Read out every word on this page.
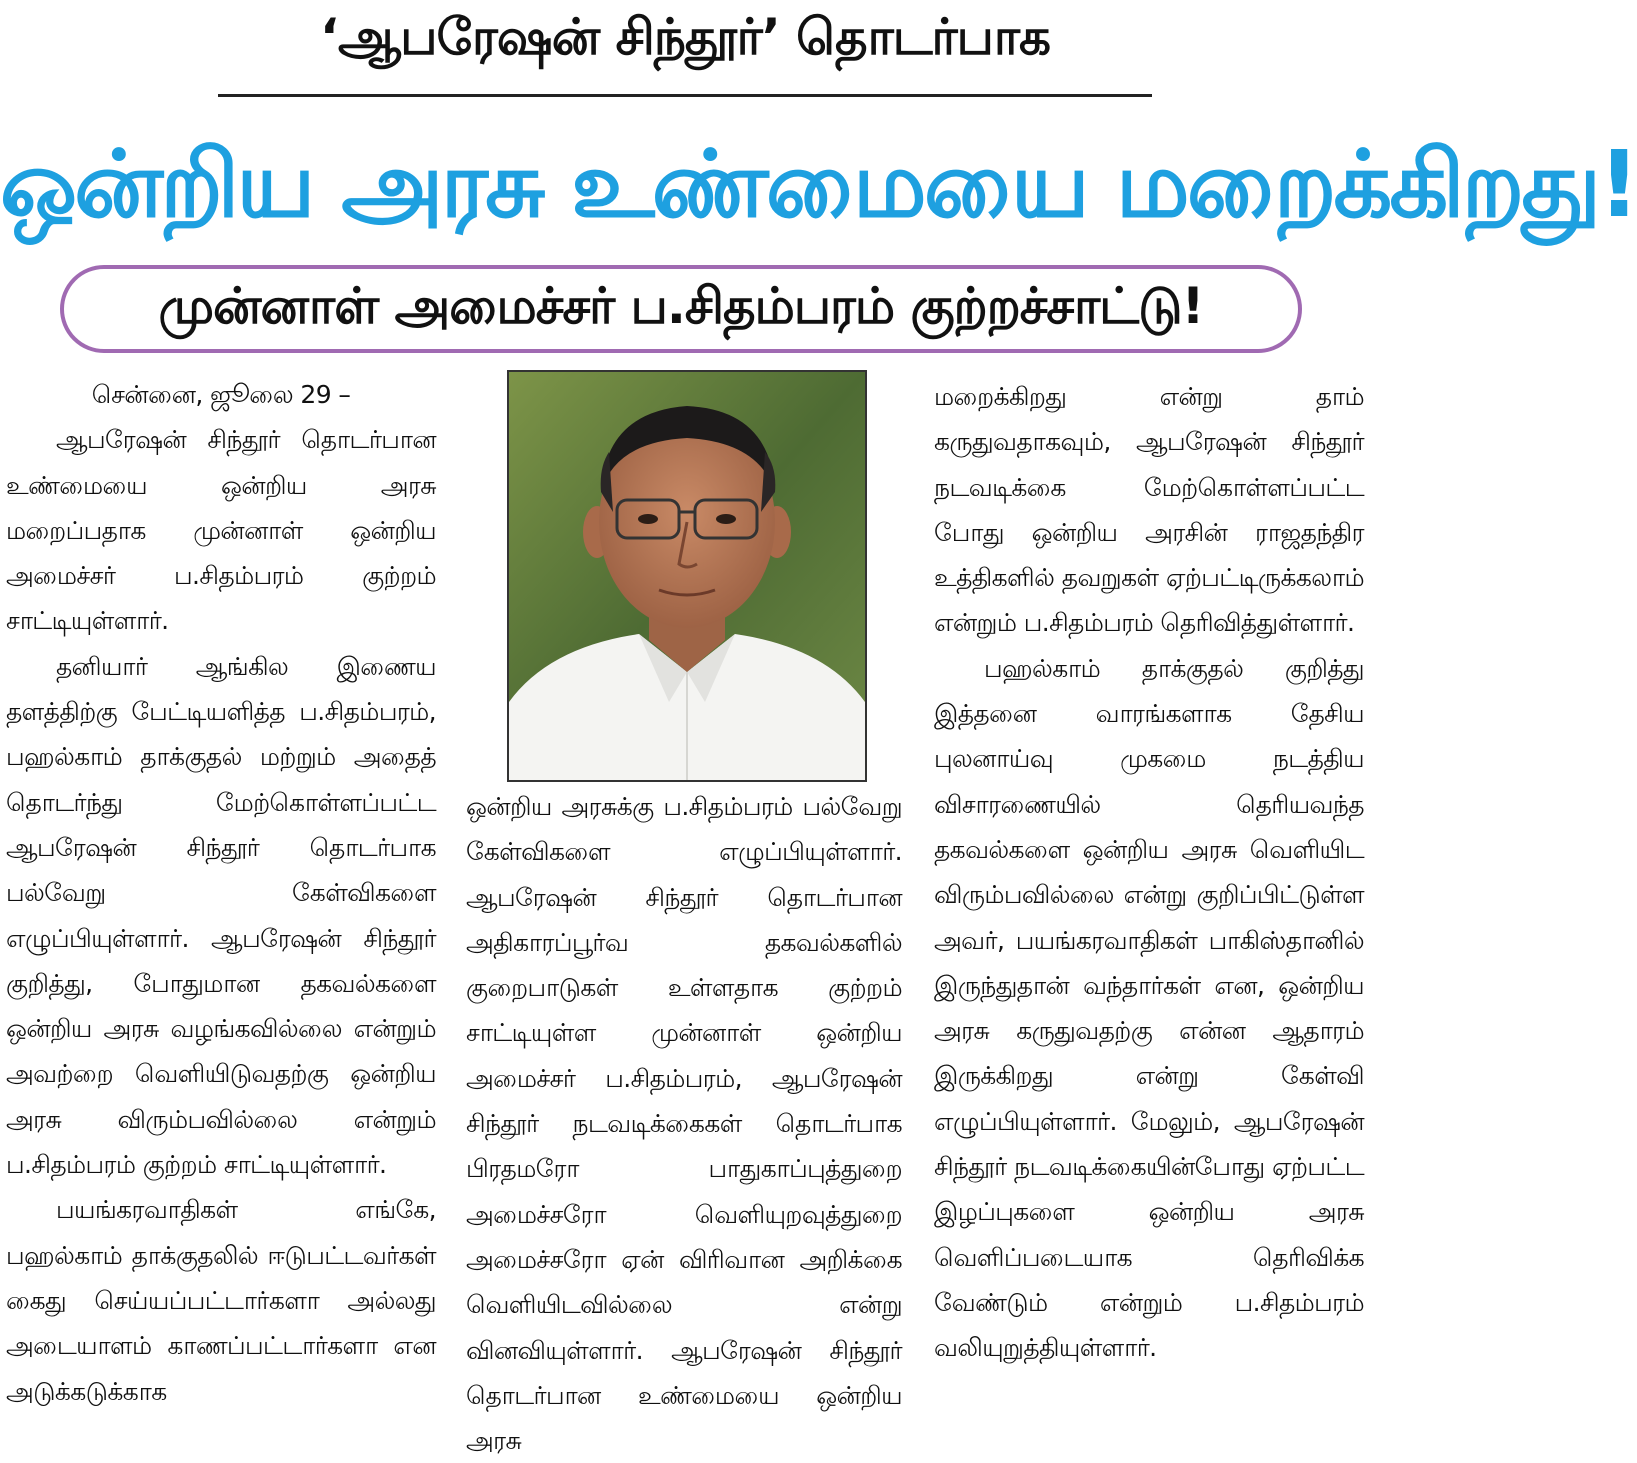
‘ஆபரேஷன் சிந்தூர்’ தொடர்பாக
ஒன்றிய அரசு உண்மையை மறைக்கிறது!
முன்னாள் அமைச்சர் ப.சிதம்பரம் குற்றச்சாட்டு!

சென்னை, ஜூலை 29 –

ஆபரேஷன் சிந்தூர் தொடர்பான உண்மையை ஒன்றிய அரசு மறைப்பதாக முன்னாள் ஒன்றிய அமைச்சர் ப.சிதம்பரம் குற்றம் சாட்டியுள்ளார்.

தனியார் ஆங்கில இணைய தளத்திற்கு பேட்டியளித்த ப.சிதம்பரம், பஹல்காம் தாக்குதல் மற்றும் அதைத் தொடர்ந்து மேற்கொள்ளப்பட்ட ஆபரேஷன் சிந்தூர் தொடர்பாக பல்வேறு கேள்விகளை எழுப்பியுள்ளார். ஆபரேஷன் சிந்தூர் குறித்து, போதுமான தகவல்களை ஒன்றிய அரசு வழங்கவில்லை என்றும் அவற்றை வெளியிடுவதற்கு ஒன்றிய அரசு விரும்பவில்லை என்றும் ப.சிதம்பரம் குற்றம் சாட்டியுள்ளார்.

பயங்கரவாதிகள் எங்கே, பஹல்காம் தாக்குதலில் ஈடுபட்டவர்கள் கைது செய்யப்பட்டார்களா அல்லது அடையாளம் காணப்பட்டார்களா என அடுக்கடுக்காக

ஒன்றிய அரசுக்கு ப.சிதம்பரம் பல்வேறு கேள்விகளை எழுப்பியுள்ளார். ஆபரேஷன் சிந்தூர் தொடர்பான அதிகாரப்பூர்வ தகவல்களில் குறைபாடுகள் உள்ளதாக குற்றம் சாட்டியுள்ள முன்னாள் ஒன்றிய அமைச்சர் ப.சிதம்பரம், ஆபரேஷன் சிந்தூர் நடவடிக்கைகள் தொடர்பாக பிரதமரோ பாதுகாப்புத்துறை அமைச்சரோ வெளியுறவுத்துறை அமைச்சரோ ஏன் விரிவான அறிக்கை வெளியிடவில்லை என்று வினவியுள்ளார். ஆபரேஷன் சிந்தூர் தொடர்பான உண்மையை ஒன்றிய அரசு

மறைக்கிறது என்று தாம் கருதுவதாகவும், ஆபரேஷன் சிந்தூர் நடவடிக்கை மேற்கொள்ளப்பட்ட போது ஒன்றிய அரசின் ராஜதந்திர உத்திகளில் தவறுகள் ஏற்பட்டிருக்கலாம் என்றும் ப.சிதம்பரம் தெரிவித்துள்ளார்.

பஹல்காம் தாக்குதல் குறித்து இத்தனை வாரங்களாக தேசிய புலனாய்வு முகமை நடத்திய விசாரணையில் தெரியவந்த தகவல்களை ஒன்றிய அரசு வெளியிட விரும்பவில்லை என்று குறிப்பிட்டுள்ள அவர், பயங்கரவாதிகள் பாகிஸ்தானில் இருந்துதான் வந்தார்கள் என, ஒன்றிய அரசு கருதுவதற்கு என்ன ஆதாரம் இருக்கிறது என்று கேள்வி எழுப்பியுள்ளார். மேலும், ஆபரேஷன் சிந்தூர் நடவடிக்கையின்போது ஏற்பட்ட இழப்புகளை ஒன்றிய அரசு வெளிப்படையாக தெரிவிக்க வேண்டும் என்றும் ப.சிதம்பரம் வலியுறுத்தியுள்ளார்.
